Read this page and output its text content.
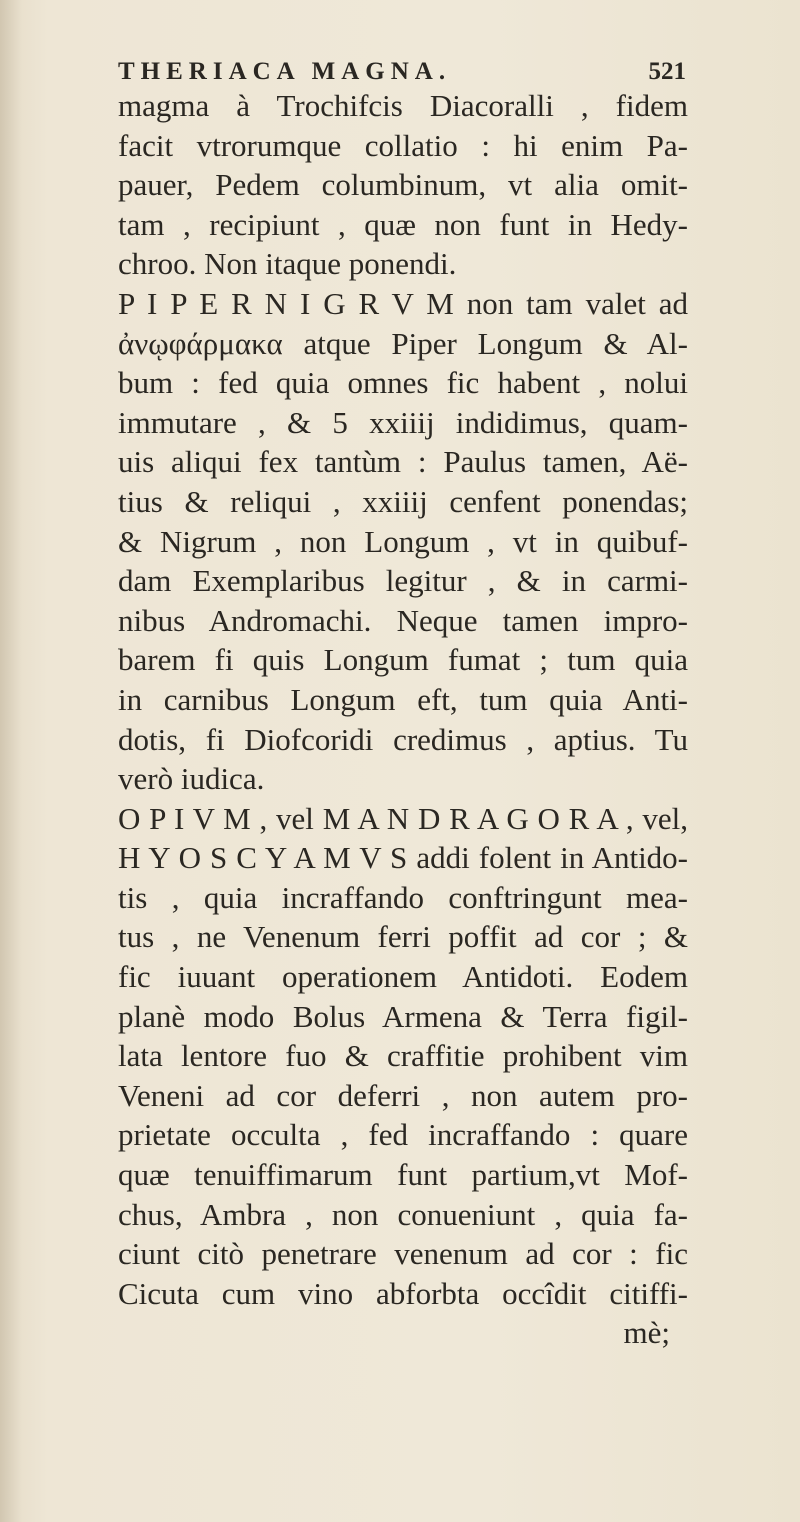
THERIACA MAGNA.	521
magma à Trochifcis Diacoralli , fidem
facit vtrorumque collatio : hi enim Pa-
pauer, Pedem columbinum, vt alia omit-
tam , recipiunt , quæ non funt in Hedy-
chroo. Non itaque ponendi.
P I P E R N I G R V M non tam valet ad
ἀνῳφάρμακα atque Piper Longum & Al-
bum : fed quia omnes fic habent , nolui
immutare , & 5 xxiiij indidimus, quam-
uis aliqui fex tantùm : Paulus tamen, Aë-
tius & reliqui , xxiiij cenfent ponendas;
& Nigrum , non Longum , vt in quibuf-
dam Exemplaribus legitur , & in carmi-
nibus Andromachi. Neque tamen impro-
barem fi quis Longum fumat ; tum quia
in carnibus Longum eft, tum quia Anti-
dotis, fi Diofcoridi credimus , aptius. Tu
verò iudica.
O P I V M , vel M A N D R A G O R A , vel,
H Y O S C Y A M V S addi folent in Antido-
tis , quia incraffando conftringunt mea-
tus , ne Venenum ferri poffit ad cor ; &
fic iuuant operationem Antidoti. Eodem
planè modo Bolus Armena & Terra figil-
lata lentore fuo & craffitie prohibent vim
Veneni ad cor deferri , non autem pro-
prietate occulta , fed incraffando : quare
quæ tenuiffimarum funt partium,vt Mof-
chus, Ambra , non conueniunt , quia fa-
ciunt citò penetrare venenum ad cor : fic
Cicuta cum vino abforbta occîdit citiffi-
mè;
